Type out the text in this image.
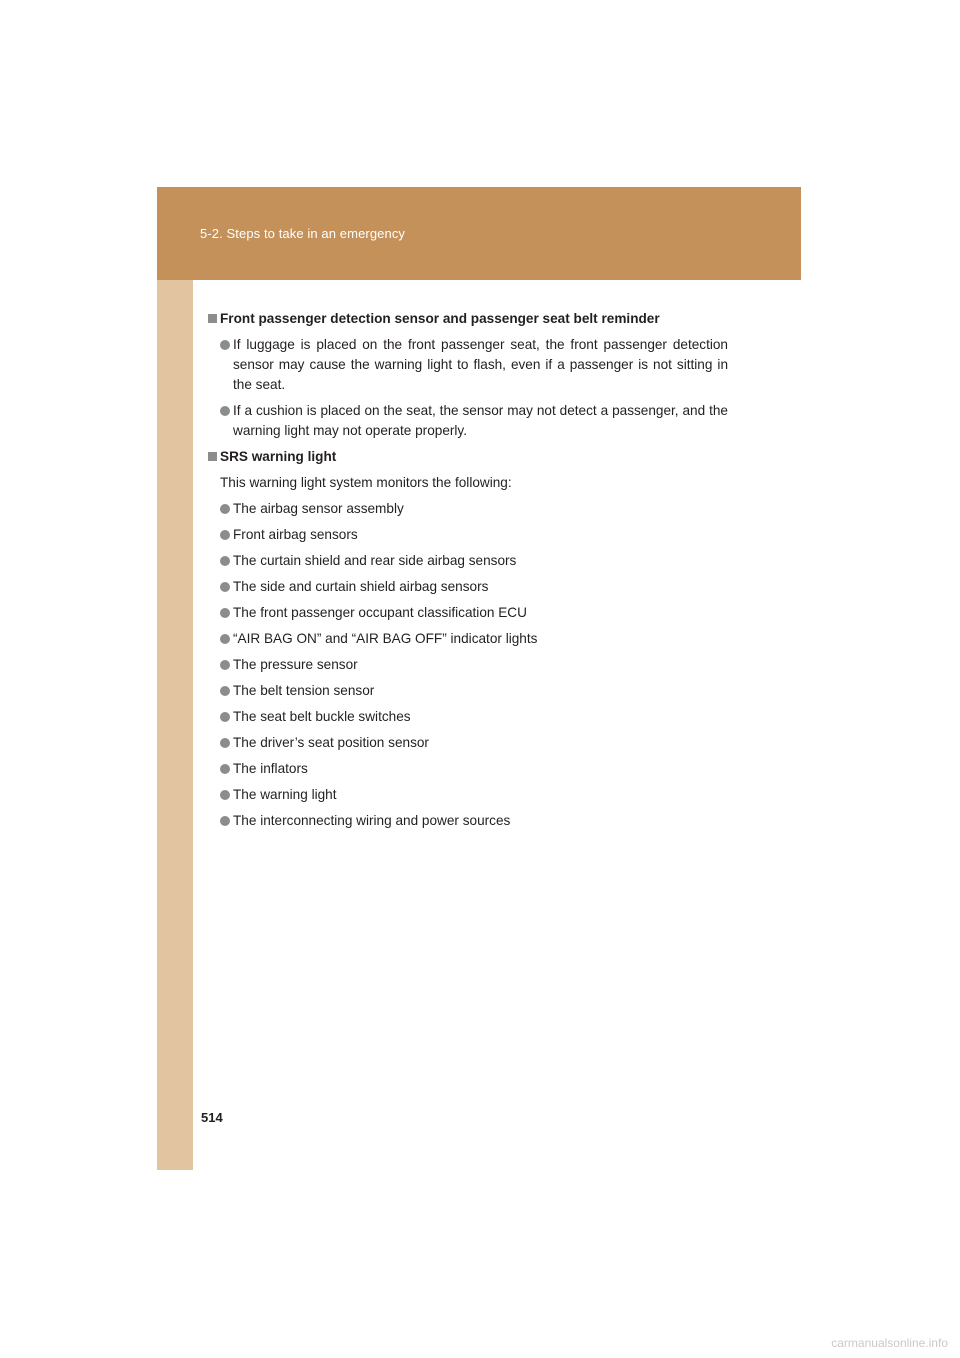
5-2. Steps to take in an emergency

Front passenger detection sensor and passenger seat belt reminder

If luggage is placed on the front passenger seat, the front passenger detection sensor may cause the warning light to flash, even if a passenger is not sitting in the seat.
If a cushion is placed on the seat, the sensor may not detect a passenger, and the warning light may not operate properly.

SRS warning light

This warning light system monitors the following:
The airbag sensor assembly
Front airbag sensors
The curtain shield and rear side airbag sensors
The side and curtain shield airbag sensors
The front passenger occupant classification ECU
“AIR BAG ON” and “AIR BAG OFF” indicator lights
The pressure sensor
The belt tension sensor
The seat belt buckle switches
The driver’s seat position sensor
The inflators
The warning light
The interconnecting wiring and power sources
514
carmanualsonline.info
